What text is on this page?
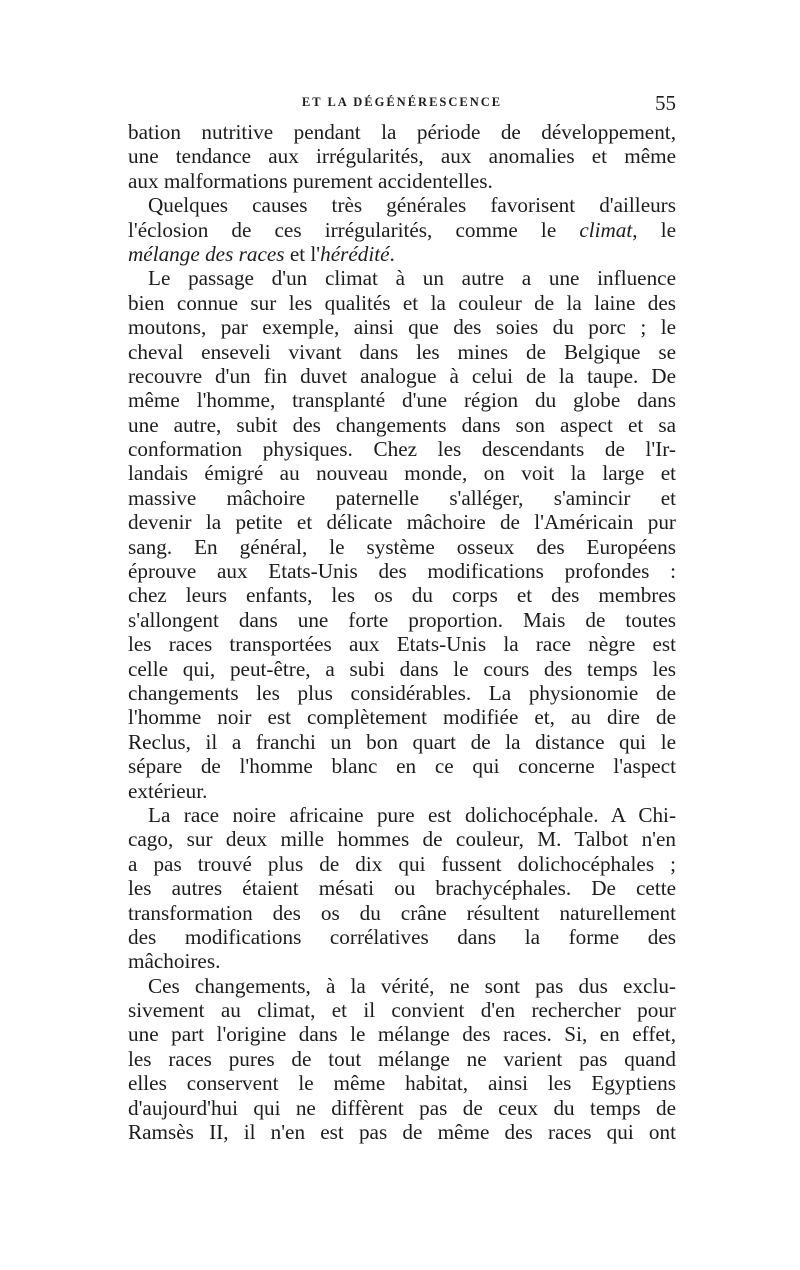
ET LA DÉGÉNÉRESCENCE	55
bation nutritive pendant la période de développement,
une tendance aux irrégularités, aux anomalies et même
aux malformations purement accidentelles.
Quelques causes très générales favorisent d'ailleurs
l'éclosion de ces irrégularités, comme le climat, le
mélange des races et l'hérédité.
Le passage d'un climat à un autre a une influence
bien connue sur les qualités et la couleur de la laine des
moutons, par exemple, ainsi que des soies du porc ; le
cheval enseveli vivant dans les mines de Belgique se
recouvre d'un fin duvet analogue à celui de la taupe. De
même l'homme, transplanté d'une région du globe dans
une autre, subit des changements dans son aspect et sa
conformation physiques. Chez les descendants de l'Ir-
landais émigré au nouveau monde, on voit la large et
massive mâchoire paternelle s'alléger, s'amincir et
devenir la petite et délicate mâchoire de l'Américain pur
sang. En général, le système osseux des Européens
éprouve aux Etats-Unis des modifications profondes :
chez leurs enfants, les os du corps et des membres
s'allongent dans une forte proportion. Mais de toutes
les races transportées aux Etats-Unis la race nègre est
celle qui, peut-être, a subi dans le cours des temps les
changements les plus considérables. La physionomie de
l'homme noir est complètement modifiée et, au dire de
Reclus, il a franchi un bon quart de la distance qui le
sépare de l'homme blanc en ce qui concerne l'aspect
extérieur.
La race noire africaine pure est dolichocéphale. A Chi-
cago, sur deux mille hommes de couleur, M. Talbot n'en
a pas trouvé plus de dix qui fussent dolichocéphales ;
les autres étaient mésati ou brachycéphales. De cette
transformation des os du crâne résultent naturellement
des modifications corrélatives dans la forme des
mâchoires.
Ces changements, à la vérité, ne sont pas dus exclu-
sivement au climat, et il convient d'en rechercher pour
une part l'origine dans le mélange des races. Si, en effet,
les races pures de tout mélange ne varient pas quand
elles conservent le même habitat, ainsi les Egyptiens
d'aujourd'hui qui ne diffèrent pas de ceux du temps de
Ramsès II, il n'en est pas de même des races qui ont
